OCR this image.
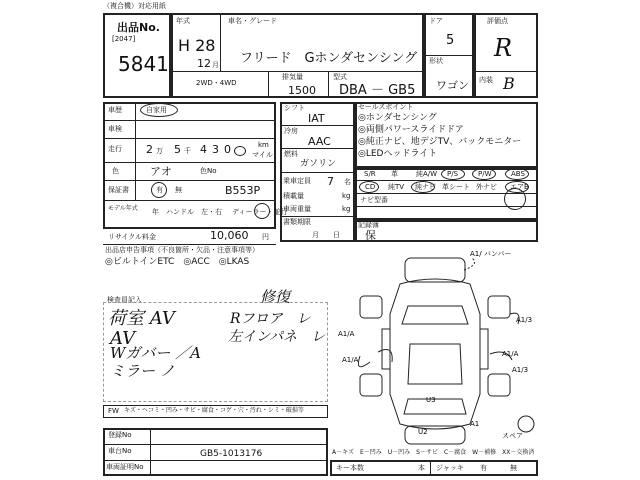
（複合機）対応用紙
出品No.
[2047]
5841
年式
H 28
12 月
車名・グレード
フリード　Gホンダセンシング
2WD・4WD
排気量
1500
型式
DBA － GB5
ドア
5
形状
ワゴン
評価点
R
内装 B
車歴	自家用
車検
走行 2 万 5 千 4 3 0	km
マイル
色	アオ	色No
保証書	有 無	B553P
モデル年式 年　ハンドル　左・右 ディーラー・並行
リサイクル料金	10,060 円
出品店申告事項（不良箇所・欠品・注意事項等）
◎ビルトインETC　◎ACC　◎LKAS
シフト
IAT
冷房
AAC
燃料
ガソリン
乗車定員 7 名
積載量	kg
車両重量	kg
書類期限
月　　日
セールスポイント
◎ホンダセンシング
◎両側パワースライドドア
◎純正ナビ、地デジTV、バックモニター
◎LEDヘッドライト
S/R 革	純A/W P/S	P/W	ABS
CD 純TV 純ナビ 革シート 外ナビ エアB
ナビ型番
記録簿
保
検査員記入	修復
荷室 AV
AV
Wガバー ／A
ミラー ノ
Rフロア　レ
左インパネ　レ
A1/ バンパー
A1/3
A1/A
A1/A
A1/A
A1/3
U3
U2
A1
スペア
FW キズ・ヘコミ・凹み・サビ・腐食・コゲ・穴・汚れ・シミ・破損等
登録No
車台No	GB5-1013176
車両証明No
A－キズ　E－凹み　U－凹み　S－サビ　C－腐食　W－補修　XX－交換済
キー本数	本 ジャッキ 有	無
